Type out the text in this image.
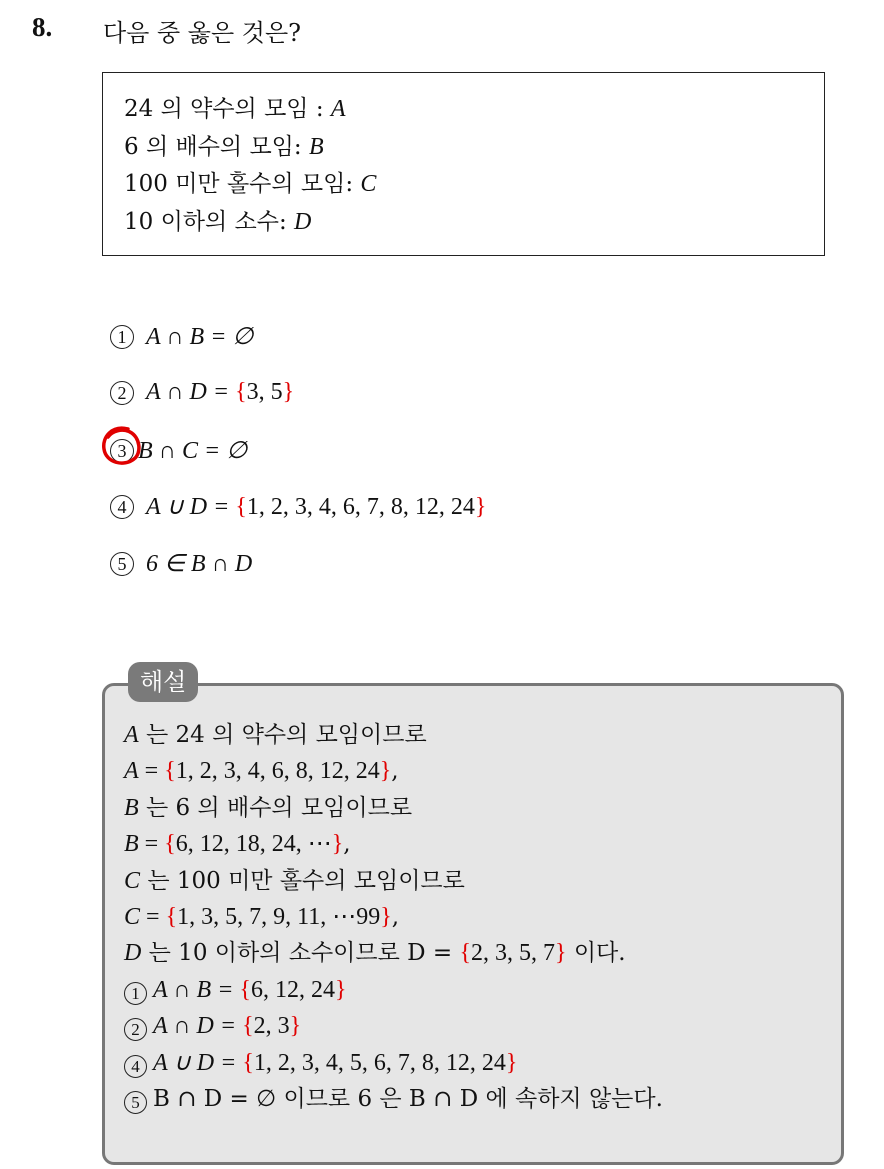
8. 다음 중 옳은 것은?
24 의 약수의 모임 : A
6 의 배수의 모임: B
100 미만 홀수의 모임: C
10 이하의 소수: D
1 A ∩ B = ∅
2 A ∩ D = {3, 5}
3 B ∩ C = ∅
4 A ∪ D = {1, 2, 3, 4, 6, 7, 8, 12, 24}
5 6 ∈ B ∩ D
해설
A 는 24 의 약수의 모임이므로
A = {1, 2, 3, 4, 6, 8, 12, 24},
B 는 6 의 배수의 모임이므로
B = {6, 12, 18, 24, ⋯},
C 는 100 미만 홀수의 모임이므로
C = {1, 3, 5, 7, 9, 11, ⋯99},
D 는 10 이하의 소수이므로 D = {2, 3, 5, 7} 이다.
1 A ∩ B = {6, 12, 24}
2 A ∩ D = {2, 3}
4 A ∪ D = {1, 2, 3, 4, 5, 6, 7, 8, 12, 24}
5 B ∩ D = ∅ 이므로 6 은 B ∩ D 에 속하지 않는다.
